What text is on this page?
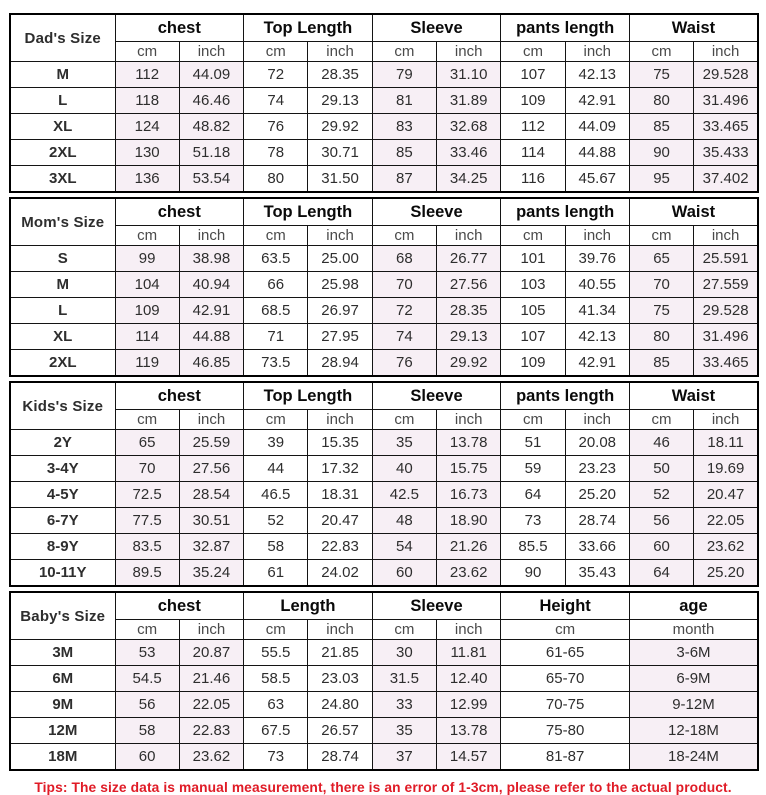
Dad's Size	chest		Top Length		Sleeve		pants length		Waist	
	cm	inch	cm	inch	cm	inch	cm	inch	cm	inch
M	112	44.09	72	28.35	79	31.10	107	42.13	75	29.528
L	118	46.46	74	29.13	81	31.89	109	42.91	80	31.496
XL	124	48.82	76	29.92	83	32.68	112	44.09	85	33.465
2XL	130	51.18	78	30.71	85	33.46	114	44.88	90	35.433
3XL	136	53.54	80	31.50	87	34.25	116	45.67	95	37.402
Mom's Size	chest		Top Length		Sleeve		pants length		Waist	
	cm	inch	cm	inch	cm	inch	cm	inch	cm	inch
S	99	38.98	63.5	25.00	68	26.77	101	39.76	65	25.591
M	104	40.94	66	25.98	70	27.56	103	40.55	70	27.559
L	109	42.91	68.5	26.97	72	28.35	105	41.34	75	29.528
XL	114	44.88	71	27.95	74	29.13	107	42.13	80	31.496
2XL	119	46.85	73.5	28.94	76	29.92	109	42.91	85	33.465
Kids's Size	chest		Top Length		Sleeve		pants length		Waist	
	cm	inch	cm	inch	cm	inch	cm	inch	cm	inch
2Y	65	25.59	39	15.35	35	13.78	51	20.08	46	18.11
3-4Y	70	27.56	44	17.32	40	15.75	59	23.23	50	19.69
4-5Y	72.5	28.54	46.5	18.31	42.5	16.73	64	25.20	52	20.47
6-7Y	77.5	30.51	52	20.47	48	18.90	73	28.74	56	22.05
8-9Y	83.5	32.87	58	22.83	54	21.26	85.5	33.66	60	23.62
10-11Y	89.5	35.24	61	24.02	60	23.62	90	35.43	64	25.20
Baby's Size	chest		Length		Sleeve		Height	age
	cm	inch	cm	inch	cm	inch	cm	month
3M	53	20.87	55.5	21.85	30	11.81	61-65	3-6M
6M	54.5	21.46	58.5	23.03	31.5	12.40	65-70	6-9M
9M	56	22.05	63	24.80	33	12.99	70-75	9-12M
12M	58	22.83	67.5	26.57	35	13.78	75-80	12-18M
18M	60	23.62	73	28.74	37	14.57	81-87	18-24M
Tips: The size data is manual measurement, there is an error of 1-3cm, please refer to the actual product.
